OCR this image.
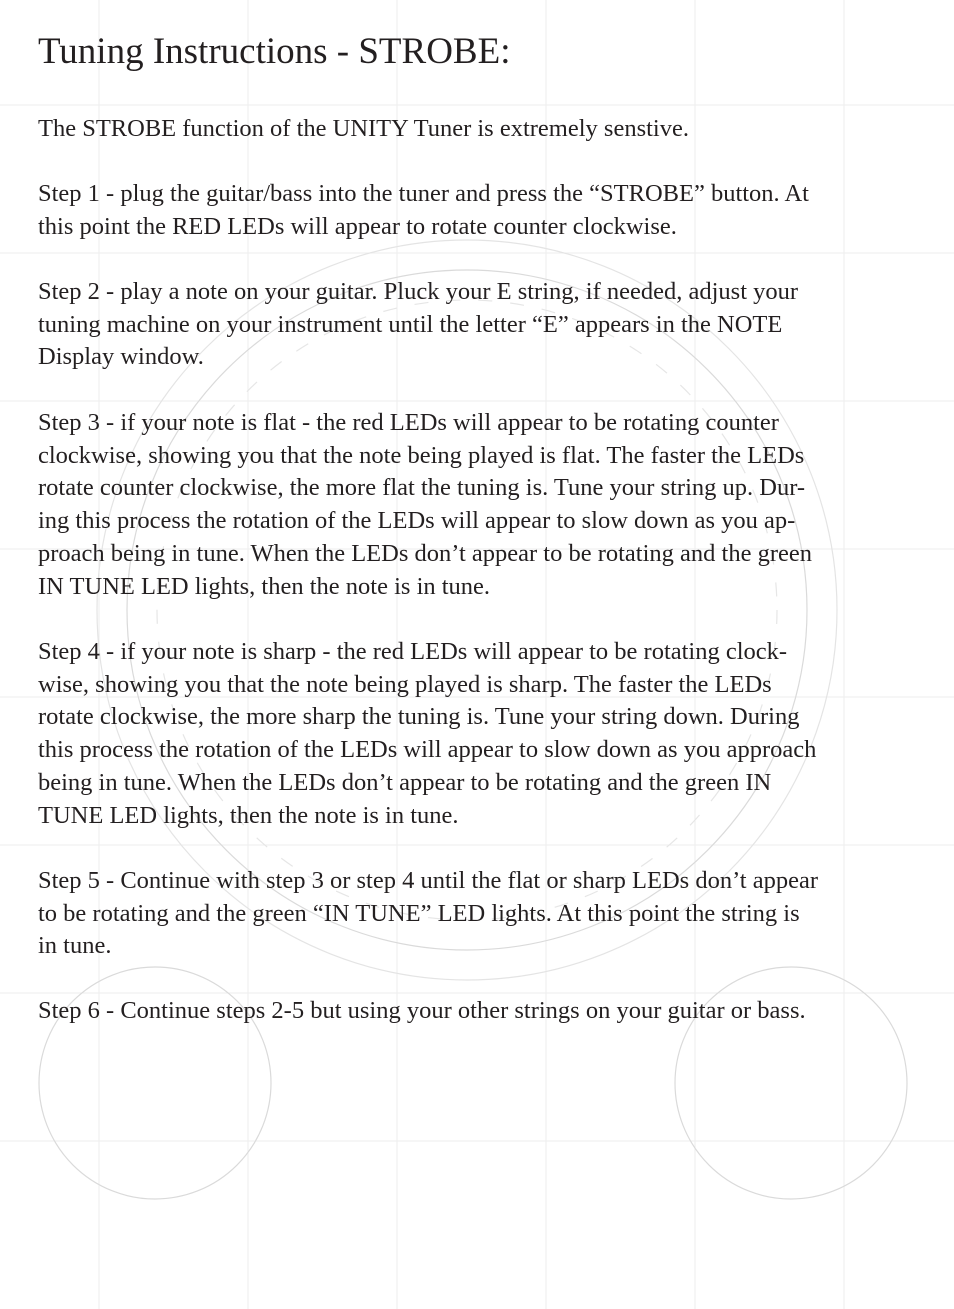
Tuning Instructions - STROBE:

The STROBE function of the UNITY Tuner is extremely senstive.

Step 1 - plug the guitar/bass into the tuner and press the “STROBE” button. At
this point the RED LEDs will appear to rotate counter clockwise.

Step 2 - play a note on your guitar. Pluck your E string, if needed, adjust your
tuning machine on your instrument until the letter “E” appears in the NOTE
Display window.

Step 3 - if your note is flat - the red LEDs will appear to be rotating counter
clockwise, showing you that the note being played is flat. The faster the LEDs
rotate counter clockwise, the more flat the tuning is. Tune your string up. Dur-
ing this process the rotation of the LEDs will appear to slow down as you ap-
proach being in tune. When the LEDs don’t appear to be rotating and the green
IN TUNE LED lights, then the note is in tune.

Step 4 - if your note is sharp - the red LEDs will appear to be rotating clock-
wise, showing you that the note being played is sharp. The faster the LEDs
rotate clockwise, the more sharp the tuning is. Tune your string down. During
this process the rotation of the LEDs will appear to slow down as you approach
being in tune. When the LEDs don’t appear to be rotating and the green IN
TUNE LED lights, then the note is in tune.

Step 5 - Continue with step 3 or step 4 until the flat or sharp LEDs don’t appear
to be rotating and the green “IN TUNE” LED lights. At this point the string is
in tune.

Step 6 - Continue steps 2-5 but using your other strings on your guitar or bass.
